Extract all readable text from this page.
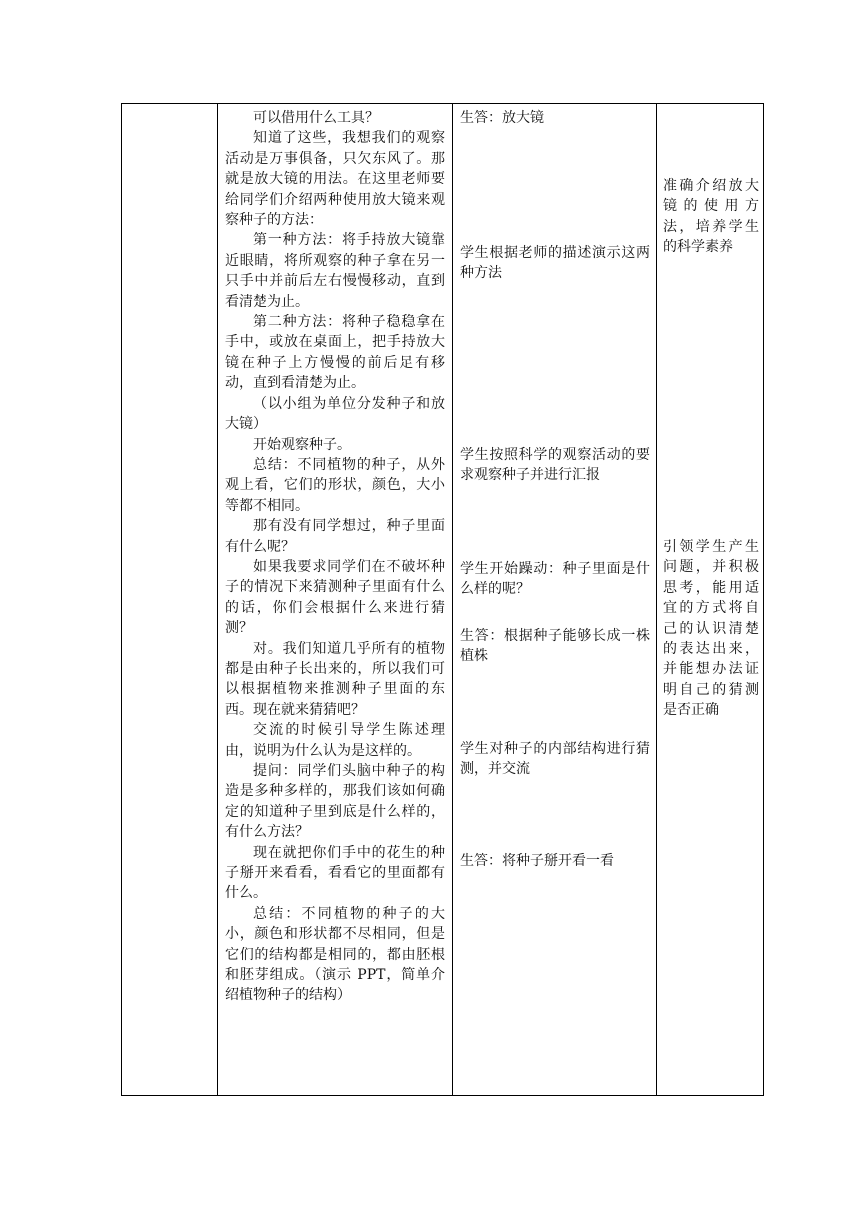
可以借用什么工具？

知道了这些，我想我们的观察活动是万事俱备，只欠东风了。那就是放大镜的用法。在这里老师要给同学们介绍两种使用放大镜来观察种子的方法：

第一种方法：将手持放大镜靠近眼睛，将所观察的种子拿在另一只手中并前后左右慢慢移动，直到看清楚为止。

第二种方法：将种子稳稳拿在手中，或放在桌面上，把手持放大镜在种子上方慢慢的前后足有移动，直到看清楚为止。

（以小组为单位分发种子和放大镜）

开始观察种子。

总结：不同植物的种子，从外观上看，它们的形状，颜色，大小等都不相同。

那有没有同学想过，种子里面有什么呢？

如果我要求同学们在不破坏种子的情况下来猜测种子里面有什么的话，你们会根据什么来进行猜测？

对。我们知道几乎所有的植物都是由种子长出来的，所以我们可以根据植物来推测种子里面的东西。现在就来猜猜吧？

交流的时候引导学生陈述理由，说明为什么认为是这样的。

提问：同学们头脑中种子的构造是多种多样的，那我们该如何确定的知道种子里到底是什么样的，有什么方法？

现在就把你们手中的花生的种子掰开来看看，看看它的里面都有什么。

总结：不同植物的种子的大小，颜色和形状都不尽相同，但是它们的结构都是相同的，都由胚根和胚芽组成。（演示 PPT，简单介绍植物种子的结构）

生答：放大镜

学生根据老师的描述演示这两种方法

学生按照科学的观察活动的要求观察种子并进行汇报

学生开始躁动：种子里面是什么样的呢？

生答：根据种子能够长成一株植株

学生对种子的内部结构进行猜测，并交流

生答：将种子掰开看一看

准确介绍放大镜的使用方法，培养学生的科学素养

引领学生产生问题，并积极思考，能用适宜的方式将自己的认识清楚的表达出来，并能想办法证明自己的猜测是否正确
